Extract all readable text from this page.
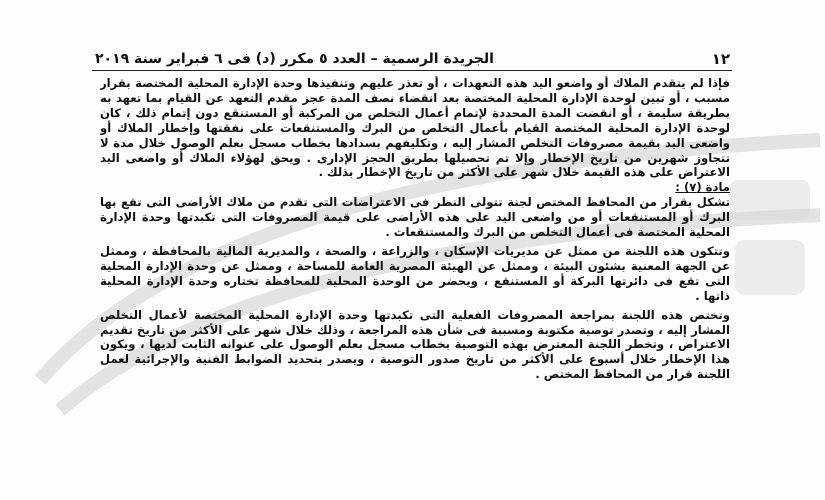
١٢
الجريدة الرسمية – العدد ٥ مكرر (د) فى ٦ فبراير سنة ٢٠١٩

فإذا لم يتقدم الملاك أو واضعو اليد هذه التعهدات ، أو تعذر عليهم وتنفيذها وحدة الإدارة المحلية المختصة بقرار مسبب ، أو تبين لوحدة الإدارة المحلية المختصة بعد انقضاء نصف المدة عجز مقدم التعهد عن القيام بما تعهد به بطريقة سليمة ، أو انقضت المدة المحددة لإتمام أعمال التخلص من المركبة أو المستنقع دون إتمام ذلك ، كان لوحدة الإدارة المحلية المختصة القيام بأعمال التخلص من البرك والمستنقعات على نفقتها وإخطار الملاك أو واضعى اليد بقيمة مصروفات التخلص المشار إليه ، وتكليفهم بسدادها بخطاب مسجل بعلم الوصول خلال مدة لا تتجاوز شهرين من تاريخ الإخطار وإلا تم تحصيلها بطريق الحجز الإدارى . ويحق لهؤلاء الملاك أو واضعى اليد الاعتراض على هذه القيمة خلال شهر على الأكثر من تاريخ الإخطار بذلك .

مادة (٧) :

تشكل بقرار من المحافظ المختص لجنة تتولى النظر فى الاعتراضات التى تقدم من ملاك الأراضى التى تقع بها البرك أو المستنقعات أو من واضعى اليد على هذه الأراضى على قيمة المصروفات التى تكبدتها وحدة الإدارة المحلية المختصة فى أعمال التخلص من البرك والمستنقعات .

وتتكون هذه اللجنة من ممثل عن مديريات الإسكان ، والزراعة ، والصحة ، والمديرية المالية بالمحافظة ، وممثل عن الجهة المعنية بشئون البيئة ، وممثل عن الهيئة المصرية العامة للمساحة ، وممثل عن وحدة الإدارة المحلية التى تقع فى دائرتها البركة أو المستنقع ، ويحضر من الوحدة المحلية للمحافظة تختاره وحدة الإدارة المحلية ذاتها .

وتختص هذه اللجنة بمراجعة المصروفات الفعلية التى تكبدتها وحدة الإدارة المحلية المختصة لأعمال التخلص المشار إليه ، وتصدر توصية مكتوبة ومسببة فى شأن هذه المراجعة ، وذلك خلال شهر على الأكثر من تاريخ تقديم الاعتراض ، وتخطر اللجنة المعترض بهذه التوصية بخطاب مسجل بعلم الوصول على عنوانه الثابت لديها ، ويكون هذا الإخطار خلال أسبوع على الأكثر من تاريخ صدور التوصية ، ويصدر بتحديد الضوابط الفنية والإجرائية لعمل اللجنة قرار من المحافظ المختص .
